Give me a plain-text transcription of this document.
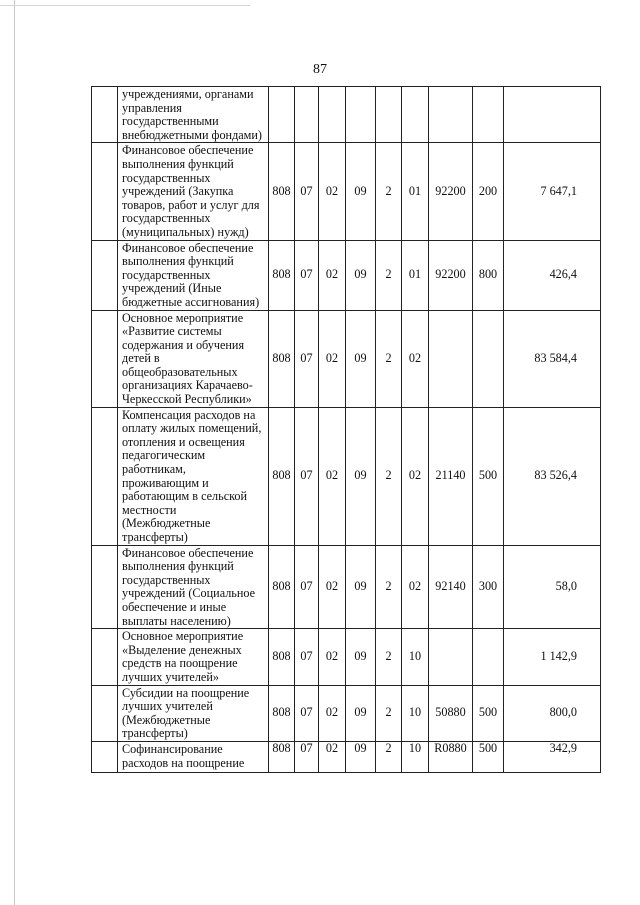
87
	учреждениями, органами управления государственными внебюджетными фондами)									
	Финансовое обеспечение выполнения функций государственных учреждений (Закупка товаров, работ и услуг для государственных (муниципальных) нужд)	808	07	02	09	2	01	92200	200	7 647,1
	Финансовое обеспечение выполнения функций государственных учреждений (Иные бюджетные ассигнования)	808	07	02	09	2	01	92200	800	426,4
	Основное мероприятие «Развитие системы содержания и обучения детей в общеобразовательных организациях Карачаево-Черкесской Республики»	808	07	02	09	2	02			83 584,4
	Компенсация расходов на оплату жилых помещений, отопления и освещения педагогическим работникам, проживающим и работающим в сельской местности (Межбюджетные трансферты)	808	07	02	09	2	02	21140	500	83 526,4
	Финансовое обеспечение выполнения функций государственных учреждений (Социальное обеспечение и иные выплаты населению)	808	07	02	09	2	02	92140	300	58,0
	Основное мероприятие «Выделение денежных средств на поощрение лучших учителей»	808	07	02	09	2	10			1 142,9
	Субсидии на поощрение лучших учителей (Межбюджетные трансферты)	808	07	02	09	2	10	50880	500	800,0
	Софинансирование расходов на поощрение	808	07	02	09	2	10	R0880	500	342,9
